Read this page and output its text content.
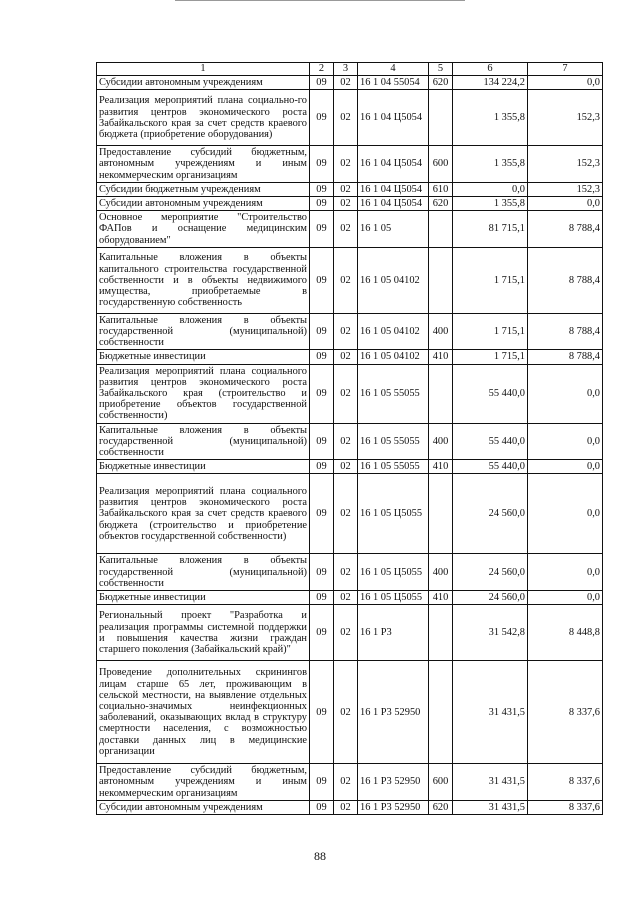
1	2	3	4	5	6	7
Субсидии автономным учреждениям	09	02	16 1 04 55054	620	134 224,2	0,0
Реализация мероприятий плана социально-го развития центров экономического роста Забайкальского края за счет средств краевого бюджета (приобретение оборудования)	09	02	16 1 04 Ц5054		1 355,8	152,3
Предоставление субсидий бюджетным, автономным учреждениям и иным некоммерческим организациям	09	02	16 1 04 Ц5054	600	1 355,8	152,3
Субсидии бюджетным учреждениям	09	02	16 1 04 Ц5054	610	0,0	152,3
Субсидии автономным учреждениям	09	02	16 1 04 Ц5054	620	1 355,8	0,0
Основное мероприятие "Строительство ФАПов и оснащение медицинским оборудованием"	09	02	16 1 05		81 715,1	8 788,4
Капитальные вложения в объекты капитального строительства государственной собственности и в объекты недвижимого имущества, приобретаемые в государственную собственность	09	02	16 1 05 04102		1 715,1	8 788,4
Капитальные вложения в объекты государственной (муниципальной) собственности	09	02	16 1 05 04102	400	1 715,1	8 788,4
Бюджетные инвестиции	09	02	16 1 05 04102	410	1 715,1	8 788,4
Реализация мероприятий плана социального развития центров экономического роста Забайкальского края (строительство и приобретение объектов государственной собственности)	09	02	16 1 05 55055		55 440,0	0,0
Капитальные вложения в объекты государственной (муниципальной) собственности	09	02	16 1 05 55055	400	55 440,0	0,0
Бюджетные инвестиции	09	02	16 1 05 55055	410	55 440,0	0,0
Реализация мероприятий плана социального развития центров экономического роста Забайкальского края за счет средств краевого бюджета (строительство и приобретение объектов государственной собственности)	09	02	16 1 05 Ц5055		24 560,0	0,0
Капитальные вложения в объекты государственной (муниципальной) собственности	09	02	16 1 05 Ц5055	400	24 560,0	0,0
Бюджетные инвестиции	09	02	16 1 05 Ц5055	410	24 560,0	0,0
Региональный проект "Разработка и реализация программы системной поддержки и повышения качества жизни граждан старшего поколения (Забайкальский край)"	09	02	16 1 P3		31 542,8	8 448,8
Проведение дополнительных скринингов лицам старше 65 лет, проживающим в сельской местности, на выявление отдельных социально-значимых неинфекционных заболеваний, оказывающих вклад в структуру смертности населения, с возможностью доставки данных лиц в медицинские организации	09	02	16 1 P3 52950		31 431,5	8 337,6
Предоставление субсидий бюджетным, автономным учреждениям и иным некоммерческим организациям	09	02	16 1 P3 52950	600	31 431,5	8 337,6
Субсидии автономным учреждениям	09	02	16 1 P3 52950	620	31 431,5	8 337,6
88
